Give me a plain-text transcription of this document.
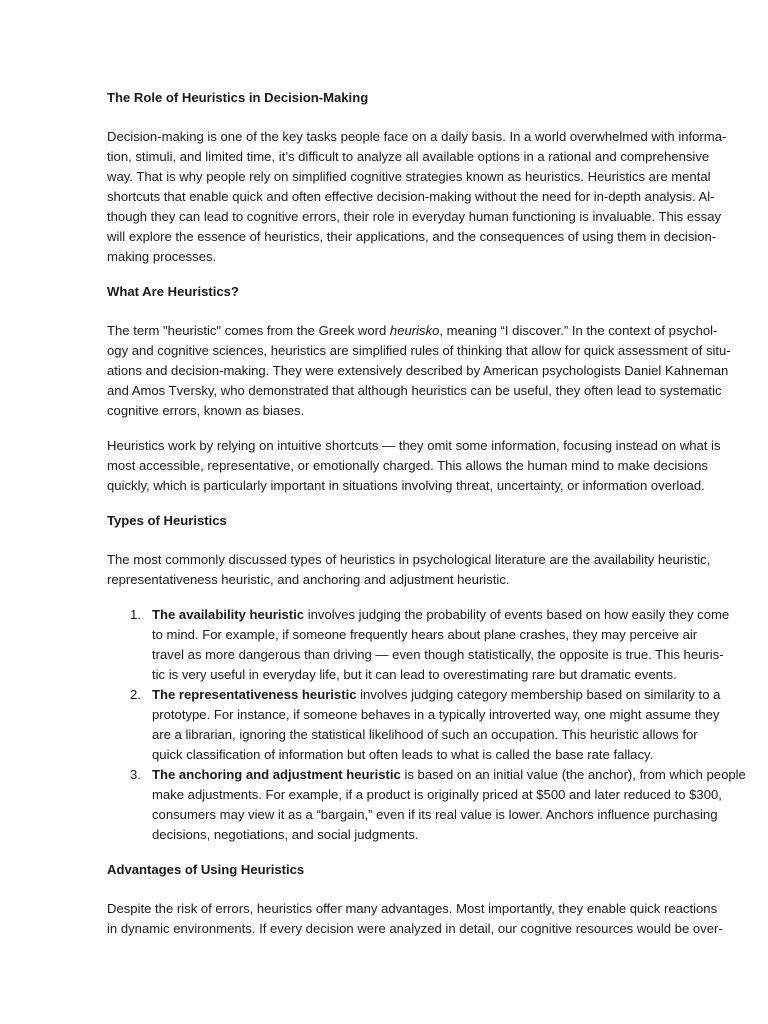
The Role of Heuristics in Decision-Making

Decision-making is one of the key tasks people face on a daily basis. In a world overwhelmed with informa-
tion, stimuli, and limited time, it’s difficult to analyze all available options in a rational and comprehensive
way. That is why people rely on simplified cognitive strategies known as heuristics. Heuristics are mental
shortcuts that enable quick and often effective decision-making without the need for in-depth analysis. Al-
though they can lead to cognitive errors, their role in everyday human functioning is invaluable. This essay
will explore the essence of heuristics, their applications, and the consequences of using them in decision-
making processes.

What Are Heuristics?

The term "heuristic" comes from the Greek word heurisko, meaning “I discover.” In the context of psychol-
ogy and cognitive sciences, heuristics are simplified rules of thinking that allow for quick assessment of situ-
ations and decision-making. They were extensively described by American psychologists Daniel Kahneman
and Amos Tversky, who demonstrated that although heuristics can be useful, they often lead to systematic
cognitive errors, known as biases.

Heuristics work by relying on intuitive shortcuts — they omit some information, focusing instead on what is
most accessible, representative, or emotionally charged. This allows the human mind to make decisions
quickly, which is particularly important in situations involving threat, uncertainty, or information overload.

Types of Heuristics

The most commonly discussed types of heuristics in psychological literature are the availability heuristic,
representativeness heuristic, and anchoring and adjustment heuristic.

1. The availability heuristic involves judging the probability of events based on how easily they come
to mind. For example, if someone frequently hears about plane crashes, they may perceive air
travel as more dangerous than driving — even though statistically, the opposite is true. This heuris-
tic is very useful in everyday life, but it can lead to overestimating rare but dramatic events.
2. The representativeness heuristic involves judging category membership based on similarity to a
prototype. For instance, if someone behaves in a typically introverted way, one might assume they
are a librarian, ignoring the statistical likelihood of such an occupation. This heuristic allows for
quick classification of information but often leads to what is called the base rate fallacy.
3. The anchoring and adjustment heuristic is based on an initial value (the anchor), from which people
make adjustments. For example, if a product is originally priced at $500 and later reduced to $300,
consumers may view it as a “bargain,” even if its real value is lower. Anchors influence purchasing
decisions, negotiations, and social judgments.
Advantages of Using Heuristics

Despite the risk of errors, heuristics offer many advantages. Most importantly, they enable quick reactions
in dynamic environments. If every decision were analyzed in detail, our cognitive resources would be over-
